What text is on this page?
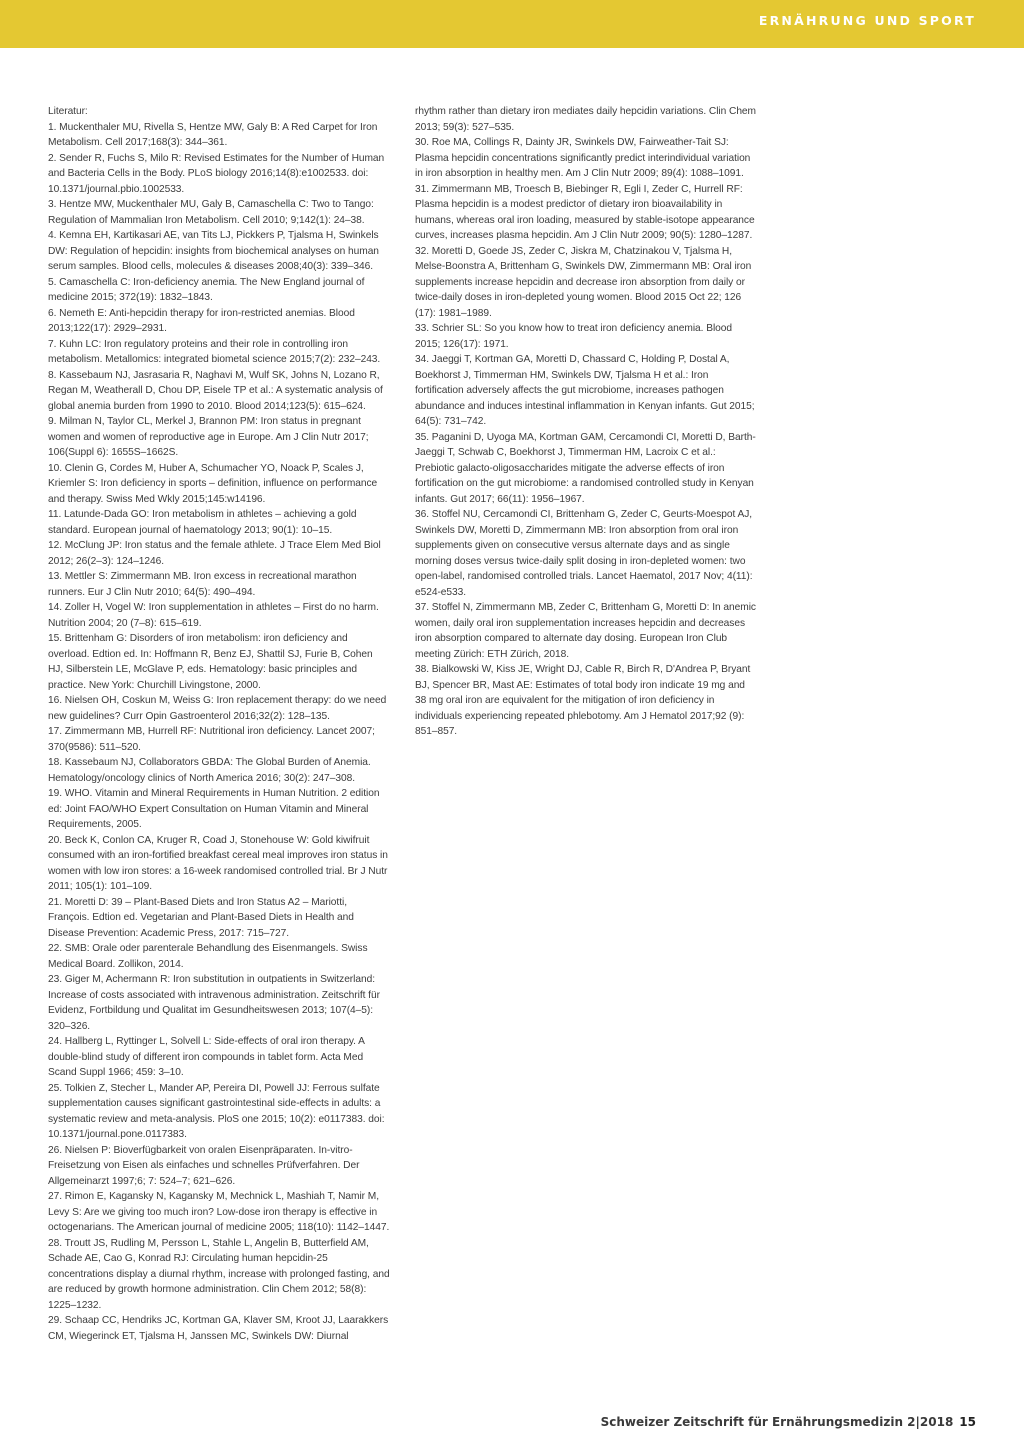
ERNÄHRUNG UND SPORT

Literatur:

1. Muckenthaler MU, Rivella S, Hentze MW, Galy B: A Red Carpet for Iron Metabolism. Cell 2017;168(3): 344–361.

2. Sender R, Fuchs S, Milo R: Revised Estimates for the Number of Human and Bacteria Cells in the Body. PLoS biology 2016;14(8):e1002533. doi: 10.1371/journal.pbio.1002533.

3. Hentze MW, Muckenthaler MU, Galy B, Camaschella C: Two to Tango: Regulation of Mammalian Iron Metabolism. Cell 2010; 9;142(1): 24–38.

4. Kemna EH, Kartikasari AE, van Tits LJ, Pickkers P, Tjalsma H, Swinkels DW: Regulation of hepcidin: insights from biochemical analyses on human serum samples. Blood cells, molecules & diseases 2008;40(3): 339–346.

5. Camaschella C: Iron-deficiency anemia. The New England journal of medicine 2015; 372(19): 1832–1843.

6. Nemeth E: Anti-hepcidin therapy for iron-restricted anemias. Blood 2013;122(17): 2929–2931.

7. Kuhn LC: Iron regulatory proteins and their role in controlling iron metabolism. Metallomics: integrated biometal science 2015;7(2): 232–243.

8. Kassebaum NJ, Jasrasaria R, Naghavi M, Wulf SK, Johns N, Lozano R, Regan M, Weatherall D, Chou DP, Eisele TP et al.: A systematic analysis of global anemia burden from 1990 to 2010. Blood 2014;123(5): 615–624.

9. Milman N, Taylor CL, Merkel J, Brannon PM: Iron status in pregnant women and women of reproductive age in Europe. Am J Clin Nutr 2017; 106(Suppl 6): 1655S–1662S.

10. Clenin G, Cordes M, Huber A, Schumacher YO, Noack P, Scales J, Kriemler S: Iron deficiency in sports – definition, influence on performance and therapy. Swiss Med Wkly 2015;145:w14196.

11. Latunde-Dada GO: Iron metabolism in athletes – achieving a gold standard. European journal of haematology 2013; 90(1): 10–15.

12. McClung JP: Iron status and the female athlete. J Trace Elem Med Biol 2012; 26(2–3): 124–1246.

13. Mettler S: Zimmermann MB. Iron excess in recreational marathon runners. Eur J Clin Nutr 2010; 64(5): 490–494.

14. Zoller H, Vogel W: Iron supplementation in athletes – First do no harm. Nutrition 2004; 20 (7–8): 615–619.

15. Brittenham G: Disorders of iron metabolism: iron deficiency and overload. Edtion ed. In: Hoffmann R, Benz EJ, Shattil SJ, Furie B, Cohen HJ, Silberstein LE, McGlave P, eds. Hematology: basic principles and practice. New York: Churchill Livingstone, 2000.

16. Nielsen OH, Coskun M, Weiss G: Iron replacement therapy: do we need new guidelines? Curr Opin Gastroenterol 2016;32(2): 128–135.

17. Zimmermann MB, Hurrell RF: Nutritional iron deficiency. Lancet 2007; 370(9586): 511–520.

18. Kassebaum NJ, Collaborators GBDA: The Global Burden of Anemia. Hematology/oncology clinics of North America 2016; 30(2): 247–308.

19. WHO. Vitamin and Mineral Requirements in Human Nutrition. 2 edition ed: Joint FAO/WHO Expert Consultation on Human Vitamin and Mineral Requirements, 2005.

20. Beck K, Conlon CA, Kruger R, Coad J, Stonehouse W: Gold kiwifruit consumed with an iron-fortified breakfast cereal meal improves iron status in women with low iron stores: a 16-week randomised controlled trial. Br J Nutr 2011; 105(1): 101–109.

21. Moretti D: 39 – Plant-Based Diets and Iron Status A2 – Mariotti, François. Edtion ed. Vegetarian and Plant-Based Diets in Health and Disease Prevention: Academic Press, 2017: 715–727.

22. SMB: Orale oder parenterale Behandlung des Eisenmangels. Swiss Medical Board. Zollikon, 2014.

23. Giger M, Achermann R: Iron substitution in outpatients in Switzerland: Increase of costs associated with intravenous administration. Zeitschrift für Evidenz, Fortbildung und Qualitat im Gesundheitswesen 2013; 107(4–5): 320–326.

24. Hallberg L, Ryttinger L, Solvell L: Side-effects of oral iron therapy. A double-blind study of different iron compounds in tablet form. Acta Med Scand Suppl 1966; 459: 3–10.

25. Tolkien Z, Stecher L, Mander AP, Pereira DI, Powell JJ: Ferrous sulfate supplementation causes significant gastrointestinal side-effects in adults: a systematic review and meta-analysis. PloS one 2015; 10(2): e0117383. doi: 10.1371/journal.pone.0117383.

26. Nielsen P: Bioverfügbarkeit von oralen Eisenpräparaten. In-vitro-Freisetzung von Eisen als einfaches und schnelles Prüfverfahren. Der Allgemeinarzt 1997;6; 7: 524–7; 621–626.

27. Rimon E, Kagansky N, Kagansky M, Mechnick L, Mashiah T, Namir M, Levy S: Are we giving too much iron? Low-dose iron therapy is effective in octogenarians. The American journal of medicine 2005; 118(10): 1142–1447.

28. Troutt JS, Rudling M, Persson L, Stahle L, Angelin B, Butterfield AM, Schade AE, Cao G, Konrad RJ: Circulating human hepcidin-25 concentrations display a diurnal rhythm, increase with prolonged fasting, and are reduced by growth hormone administration. Clin Chem 2012; 58(8): 1225–1232.

29. Schaap CC, Hendriks JC, Kortman GA, Klaver SM, Kroot JJ, Laarakkers CM, Wiegerinck ET, Tjalsma H, Janssen MC, Swinkels DW: Diurnal

rhythm rather than dietary iron mediates daily hepcidin variations. Clin Chem 2013; 59(3): 527–535.

30. Roe MA, Collings R, Dainty JR, Swinkels DW, Fairweather-Tait SJ: Plasma hepcidin concentrations significantly predict interindividual variation in iron absorption in healthy men. Am J Clin Nutr 2009; 89(4): 1088–1091.

31. Zimmermann MB, Troesch B, Biebinger R, Egli I, Zeder C, Hurrell RF: Plasma hepcidin is a modest predictor of dietary iron bioavailability in humans, whereas oral iron loading, measured by stable-isotope appearance curves, increases plasma hepcidin. Am J Clin Nutr 2009; 90(5): 1280–1287.

32. Moretti D, Goede JS, Zeder C, Jiskra M, Chatzinakou V, Tjalsma H, Melse-Boonstra A, Brittenham G, Swinkels DW, Zimmermann MB: Oral iron supplements increase hepcidin and decrease iron absorption from daily or twice-daily doses in iron-depleted young women. Blood 2015 Oct 22; 126 (17): 1981–1989.

33. Schrier SL: So you know how to treat iron deficiency anemia. Blood 2015; 126(17): 1971.

34. Jaeggi T, Kortman GA, Moretti D, Chassard C, Holding P, Dostal A, Boekhorst J, Timmerman HM, Swinkels DW, Tjalsma H et al.: Iron fortification adversely affects the gut microbiome, increases pathogen abundance and induces intestinal inflammation in Kenyan infants. Gut 2015; 64(5): 731–742.

35. Paganini D, Uyoga MA, Kortman GAM, Cercamondi CI, Moretti D, Barth-Jaeggi T, Schwab C, Boekhorst J, Timmerman HM, Lacroix C et al.: Prebiotic galacto-oligosaccharides mitigate the adverse effects of iron fortification on the gut microbiome: a randomised controlled study in Kenyan infants. Gut 2017; 66(11): 1956–1967.

36. Stoffel NU, Cercamondi CI, Brittenham G, Zeder C, Geurts-Moespot AJ, Swinkels DW, Moretti D, Zimmermann MB: Iron absorption from oral iron supplements given on consecutive versus alternate days and as single morning doses versus twice-daily split dosing in iron-depleted women: two open-label, randomised controlled trials. Lancet Haematol, 2017 Nov; 4(11): e524-e533.

37. Stoffel N, Zimmermann MB, Zeder C, Brittenham G, Moretti D: In anemic women, daily oral iron supplementation increases hepcidin and decreases iron absorption compared to alternate day dosing. European Iron Club meeting Zürich: ETH Zürich, 2018.

38. Bialkowski W, Kiss JE, Wright DJ, Cable R, Birch R, D'Andrea P, Bryant BJ, Spencer BR, Mast AE: Estimates of total body iron indicate 19 mg and 38 mg oral iron are equivalent for the mitigation of iron deficiency in individuals experiencing repeated phlebotomy. Am J Hematol 2017;92 (9): 851–857.

Schweizer Zeitschrift für Ernährungsmedizin 2|2018 15
